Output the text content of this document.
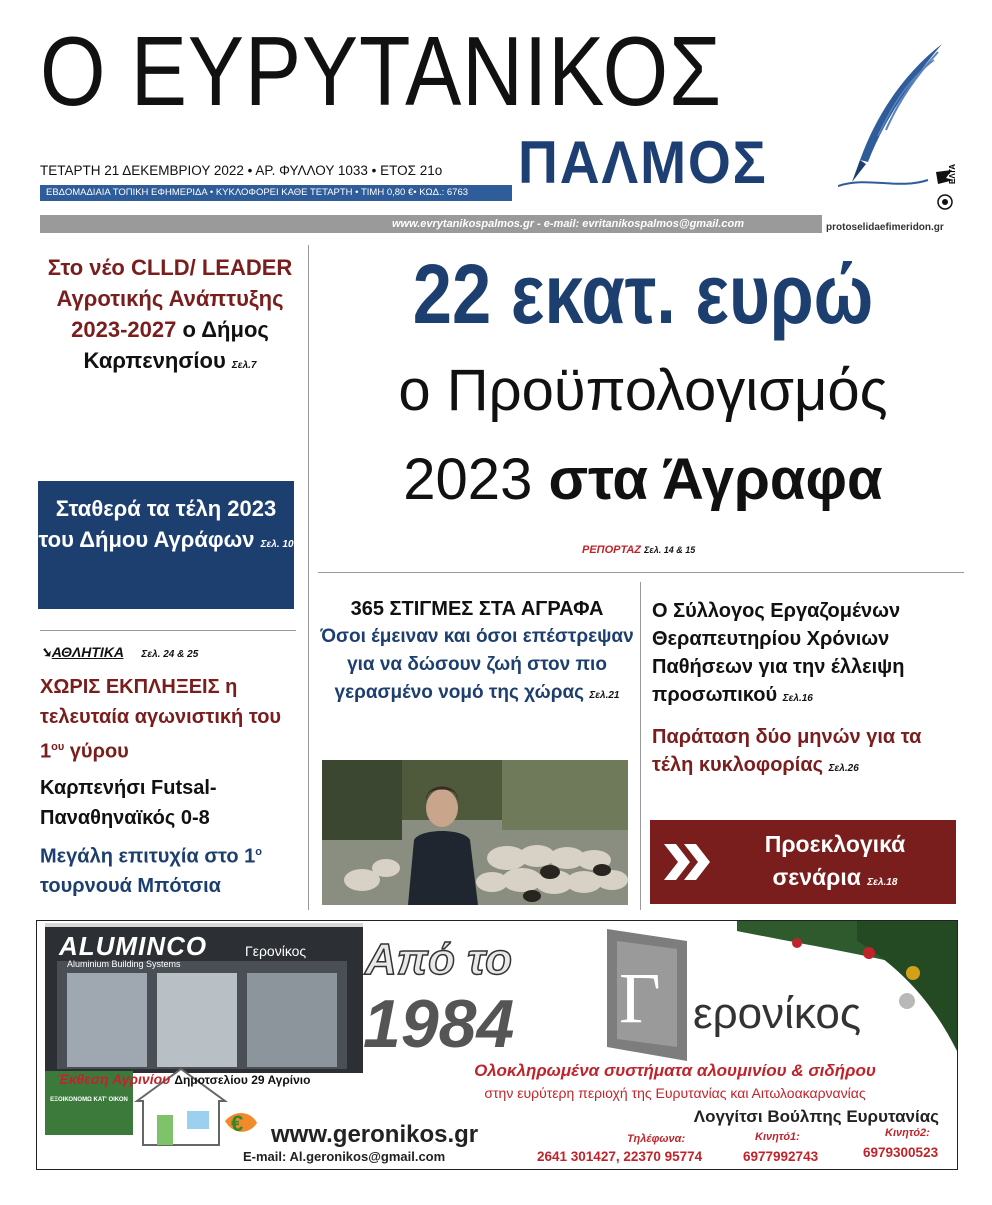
Ο ΕΥΡΥΤΑΝΙΚΟΣ
ΠΑΛΜΟΣ
ΤΕΤΑΡΤΗ 21 ΔΕΚΕΜΒΡΙΟΥ 2022 • ΑΡ. ΦΥΛΛΟΥ 1033 • ΕΤΟΣ 21ο
ΕΒΔΟΜΑΔΙΑΙΑ ΤΟΠΙΚΗ ΕΦΗΜΕΡΙΔΑ • ΚΥΚΛΟΦΟΡΕΙ ΚΑΘΕ ΤΕΤΑΡΤΗ • ΤΙΜΗ 0,80 €• ΚΩΔ.: 6763
ΕΛΤΑ
www.evrytanikospalmos.gr - e-mail: evritanikospalmos@gmail.com	protoselidaefimeridon.gr
Στο νέο CLLD/ LEADER Αγροτικής Ανάπτυξης 2023-2027 ο Δήμος Καρπενησίου Σελ.7
Σταθερά τα τέλη 2023 του Δήμου Αγράφων Σελ. 10
➘ΑΘΛΗΤΙΚΑ Σελ. 24 & 25
ΧΩΡΙΣ ΕΚΠΛΗΞΕΙΣ η τελευταία αγωνιστική του $1^{o\upsilon}$ γύρου
Καρπενήσι Futsal-Παναθηναϊκός 0-8
Μεγάλη επιτυχία στο $1^o$ τουρνουά Μπότσια
22 εκατ. ευρώ
ο Προϋπολογισμός
2023 στα Άγραφα
ΡΕΠΟΡΤΑΖ Σελ. 14 & 15
365 ΣΤΙΓΜΕΣ ΣΤΑ ΑΓΡΑΦΑ
Όσοι έμειναν και όσοι επέστρεψαν για να δώσουν ζωή στον πιο γερασμένο νομό της χώρας Σελ.21
Ο Σύλλογος Εργαζομένων Θεραπευτηρίου Χρόνιων Παθήσεων για την έλλειψη προσωπικού Σελ.16
Παράταση δύο μηνών για τα τέλη κυκλοφορίας Σελ.26
Προεκλογικά σενάρια Σελ.18
€
ALUMINCO
Aluminium Building Systems
Γερονίκος Από το
1984 Γ ερονίκος
Ολοκληρωμένα συστήματα αλουμινίου & σιδήρου
στην ευρύτερη περιοχή της Ευρυτανίας και Αιτωλοακαρνανίας
Λογγίτσι Βούλπης Ευρυτανίας
Έκθεση Αγρινίου Δημοτσελίου 29 Αγρίνιο
ΕΞΟΙΚΟΝΟΜΩ ΚΑΤ' ΟΙΚΟΝ
www.geronikos.gr
E-mail: Al.geronikos@gmail.com
Τηλέφωνα:	Κινητό1:	Κινητό2:
2641 301427, 22370 95774	6977992743	6979300523
